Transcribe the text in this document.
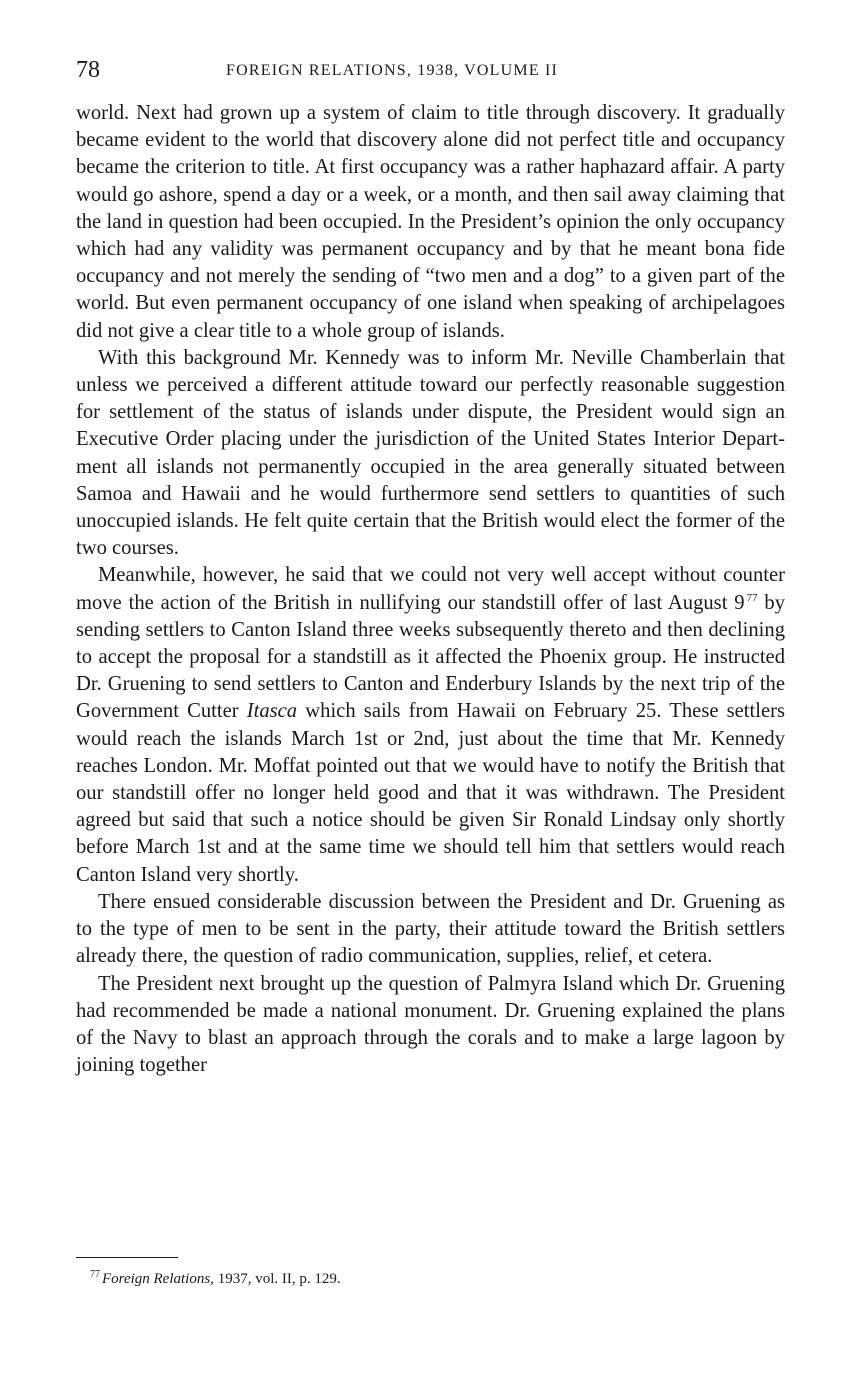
78	FOREIGN RELATIONS, 1938, VOLUME II

world. Next had grown up a system of claim to title through discovery. It gradually became evident to the world that discovery alone did not perfect title and occupancy became the criterion to title. At first occupancy was a rather haphazard affair. A party would go ashore, spend a day or a week, or a month, and then sail away claiming that the land in question had been occupied. In the President’s opinion the only occupancy which had any validity was permanent occupancy and by that he meant bona fide occupancy and not merely the sending of “two men and a dog” to a given part of the world. But even permanent occupancy of one island when speaking of archipelagoes did not give a clear title to a whole group of islands.

With this background Mr. Kennedy was to inform Mr. Neville Chamberlain that unless we perceived a different attitude toward our perfectly reasonable suggestion for settlement of the status of islands under dispute, the President would sign an Executive Order placing under the jurisdiction of the United States Interior Department all islands not permanently occupied in the area generally situated between Samoa and Hawaii and he would furthermore send settlers to quantities of such unoccupied islands. He felt quite certain that the British would elect the former of the two courses.

Meanwhile, however, he said that we could not very well accept without counter move the action of the British in nullifying our standstill offer of last August 9 $^{77}$ by sending settlers to Canton Island three weeks subsequently thereto and then declining to accept the proposal for a standstill as it affected the Phoenix group. He instructed Dr. Gruening to send settlers to Canton and Enderbury Islands by the next trip of the Government Cutter Itasca which sails from Hawaii on February 25. These settlers would reach the islands March 1st or 2nd, just about the time that Mr. Kennedy reaches London. Mr. Moffat pointed out that we would have to notify the British that our standstill offer no longer held good and that it was withdrawn. The President agreed but said that such a notice should be given Sir Ronald Lindsay only shortly before March 1st and at the same time we should tell him that settlers would reach Canton Island very shortly.

There ensued considerable discussion between the President and Dr. Gruening as to the type of men to be sent in the party, their attitude toward the British settlers already there, the question of radio communication, supplies, relief, et cetera.

The President next brought up the question of Palmyra Island which Dr. Gruening had recommended be made a national monument. Dr. Gruening explained the plans of the Navy to blast an approach through the corals and to make a large lagoon by joining together

$^{77}$ Foreign Relations, 1937, vol. II, p. 129.
